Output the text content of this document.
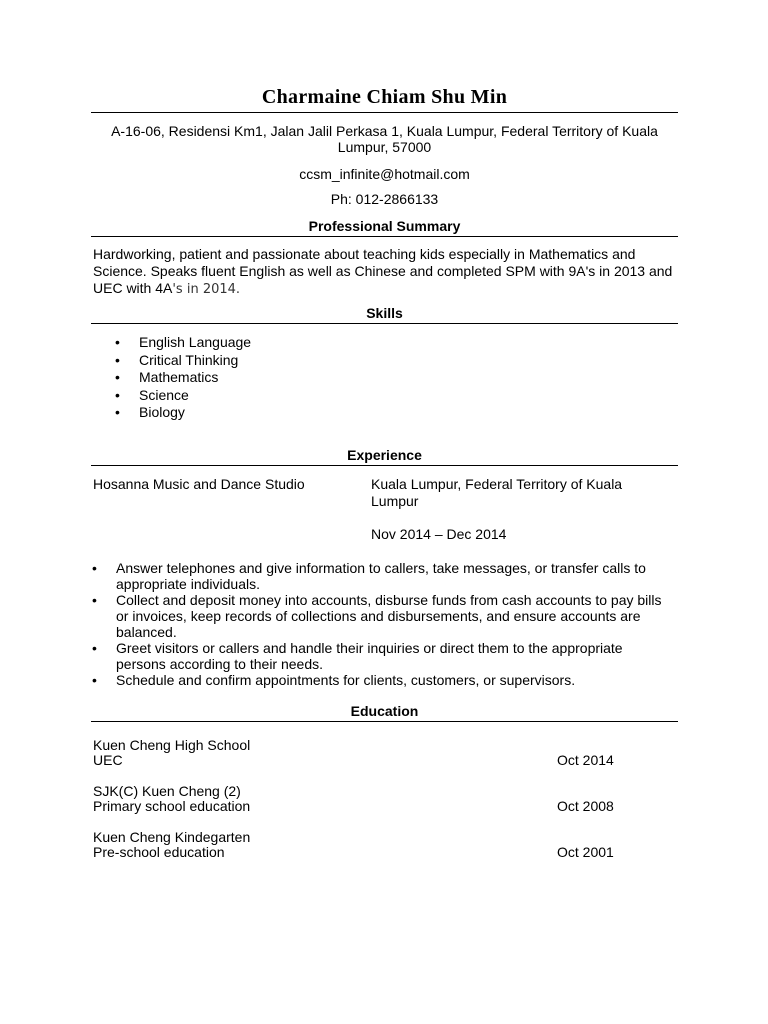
Charmaine Chiam Shu Min
A-16-06, Residensi Km1, Jalan Jalil Perkasa 1, Kuala Lumpur, Federal Territory of Kuala
Lumpur, 57000
ccsm_infinite@hotmail.com
Ph: 012-2866133
Professional Summary
Hardworking, patient and passionate about teaching kids especially in Mathematics and Science. Speaks fluent English as well as Chinese and completed SPM with 9A's in 2013 and UEC with 4A's in 2014.
Skills
• English Language
• Critical Thinking
• Mathematics
• Science
• Biology
Experience
Hosanna Music and Dance Studio	Kuala Lumpur, Federal Territory of Kuala
Lumpur
Nov 2014 – Dec 2014
• Answer telephones and give information to callers, take messages, or transfer calls to
appropriate individuals.
• Collect and deposit money into accounts, disburse funds from cash accounts to pay bills
or invoices, keep records of collections and disbursements, and ensure accounts are
balanced.
• Greet visitors or callers and handle their inquiries or direct them to the appropriate
persons according to their needs.
• Schedule and confirm appointments for clients, customers, or supervisors.
Education
Kuen Cheng High School
UEC	Oct 2014
SJK(C) Kuen Cheng (2)
Primary school education	Oct 2008
Kuen Cheng Kindegarten
Pre-school education	Oct 2001
